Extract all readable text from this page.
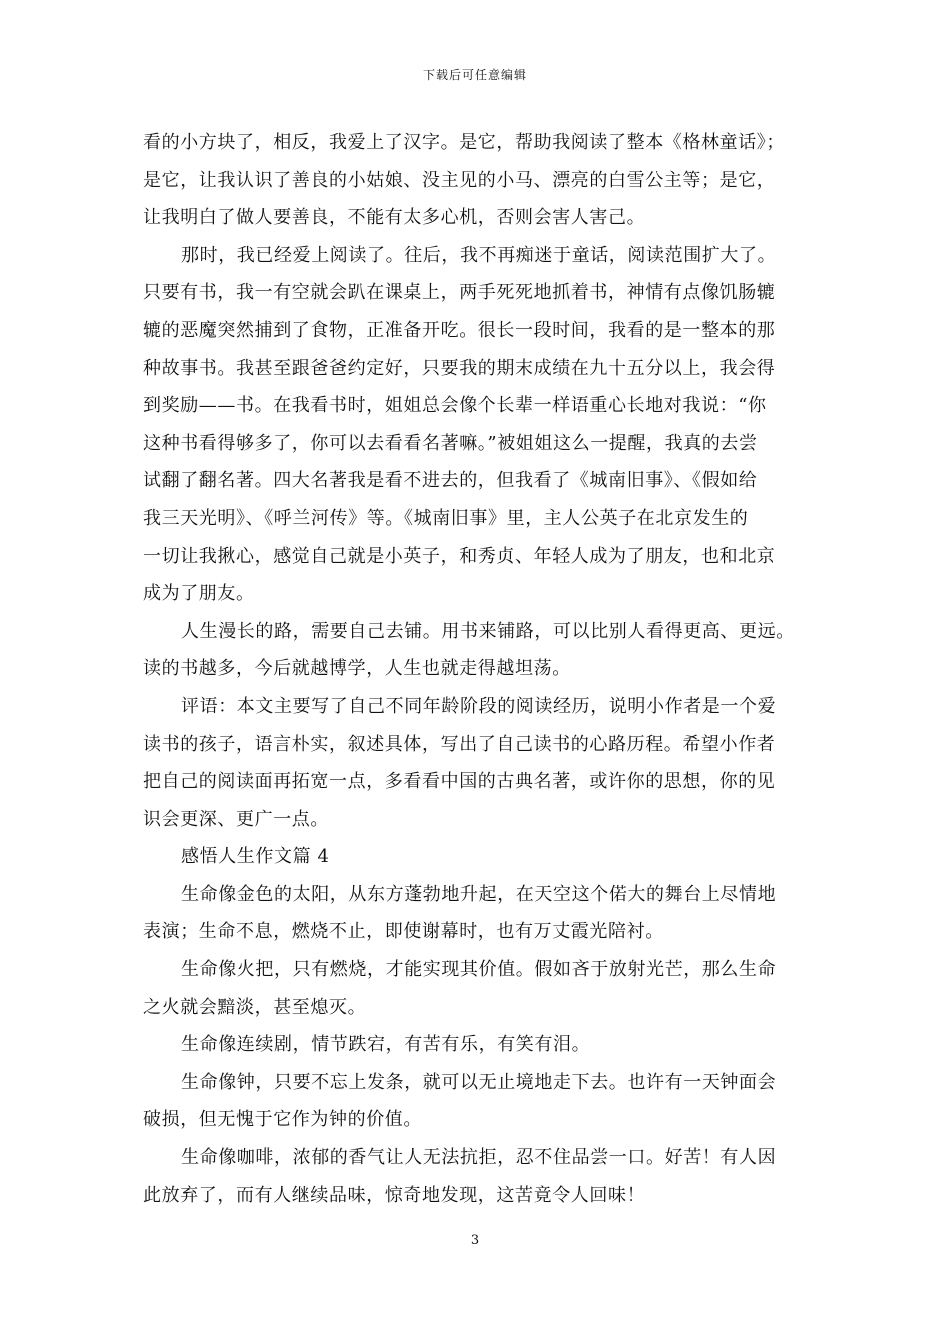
下载后可任意编辑
看的小方块了，相反，我爱上了汉字。是它，帮助我阅读了整本《格林童话》；
是它，让我认识了善良的小姑娘、没主见的小马、漂亮的白雪公主等；是它，
让我明白了做人要善良，不能有太多心机，否则会害人害己。
那时，我已经爱上阅读了。往后，我不再痴迷于童话，阅读范围扩大了。
只要有书，我一有空就会趴在课桌上，两手死死地抓着书，神情有点像饥肠辘
辘的恶魔突然捕到了食物，正准备开吃。很长一段时间，我看的是一整本的那
种故事书。我甚至跟爸爸约定好，只要我的期末成绩在九十五分以上，我会得
到奖励——书。在我看书时，姐姐总会像个长辈一样语重心长地对我说：“你
这种书看得够多了，你可以去看看名著嘛。”被姐姐这么一提醒，我真的去尝
试翻了翻名著。四大名著我是看不进去的，但我看了《城南旧事》、《假如给
我三天光明》、《呼兰河传》等。《城南旧事》里，主人公英子在北京发生的
一切让我揪心，感觉自己就是小英子，和秀贞、年轻人成为了朋友，也和北京
成为了朋友。
人生漫长的路，需要自己去铺。用书来铺路，可以比别人看得更高、更远。
读的书越多，今后就越博学，人生也就走得越坦荡。
评语：本文主要写了自己不同年龄阶段的阅读经历，说明小作者是一个爱
读书的孩子，语言朴实，叙述具体，写出了自己读书的心路历程。希望小作者
把自己的阅读面再拓宽一点，多看看中国的古典名著，或许你的思想，你的见
识会更深、更广一点。
感悟人生作文篇 4
生命像金色的太阳，从东方蓬勃地升起，在天空这个偌大的舞台上尽情地
表演；生命不息，燃烧不止，即使谢幕时，也有万丈霞光陪衬。
生命像火把，只有燃烧，才能实现其价值。假如吝于放射光芒，那么生命
之火就会黯淡，甚至熄灭。
生命像连续剧，情节跌宕，有苦有乐，有笑有泪。
生命像钟，只要不忘上发条，就可以无止境地走下去。也许有一天钟面会
破损，但无愧于它作为钟的价值。
生命像咖啡，浓郁的香气让人无法抗拒，忍不住品尝一口。好苦！有人因
此放弃了，而有人继续品味，惊奇地发现，这苦竟令人回味！
3
